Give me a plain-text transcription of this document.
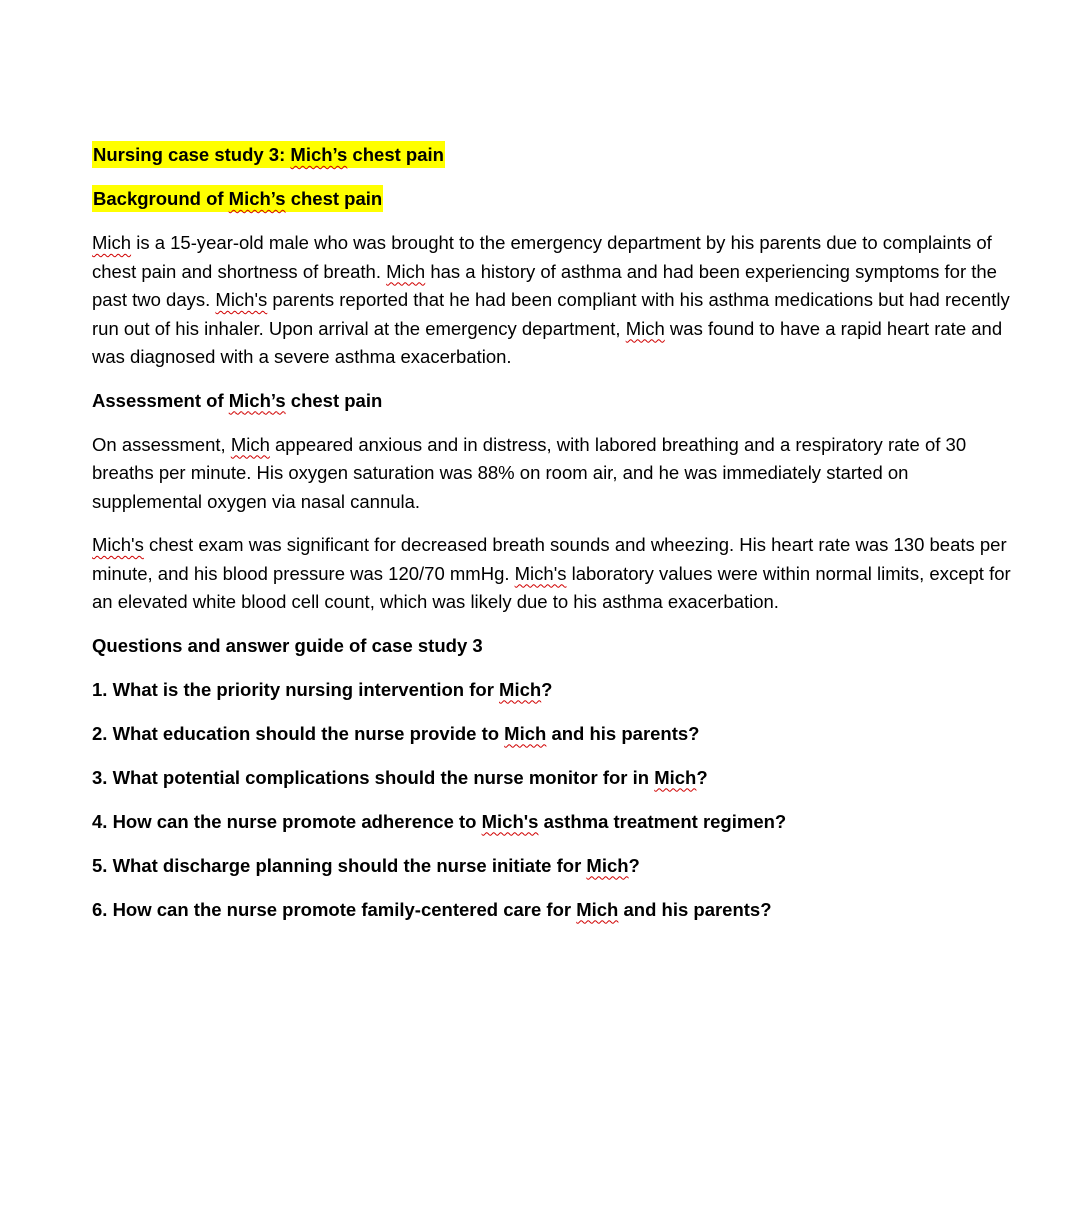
Nursing case study 3: Mich’s chest pain
Background of Mich’s chest pain

Mich is a 15-year-old male who was brought to the emergency department by his parents due to complaints of chest pain and shortness of breath. Mich has a history of asthma and had been experiencing symptoms for the past two days. Mich's parents reported that he had been compliant with his asthma medications but had recently run out of his inhaler. Upon arrival at the emergency department, Mich was found to have a rapid heart rate and was diagnosed with a severe asthma exacerbation.

Assessment of Mich’s chest pain

On assessment, Mich appeared anxious and in distress, with labored breathing and a respiratory rate of 30 breaths per minute. His oxygen saturation was 88% on room air, and he was immediately started on supplemental oxygen via nasal cannula.

Mich's chest exam was significant for decreased breath sounds and wheezing. His heart rate was 130 beats per minute, and his blood pressure was 120/70 mmHg. Mich's laboratory values were within normal limits, except for an elevated white blood cell count, which was likely due to his asthma exacerbation.

Questions and answer guide of case study 3
1. What is the priority nursing intervention for Mich?
2. What education should the nurse provide to Mich and his parents?
3. What potential complications should the nurse monitor for in Mich?
4. How can the nurse promote adherence to Mich's asthma treatment regimen?
5. What discharge planning should the nurse initiate for Mich?
6. How can the nurse promote family-centered care for Mich and his parents?
